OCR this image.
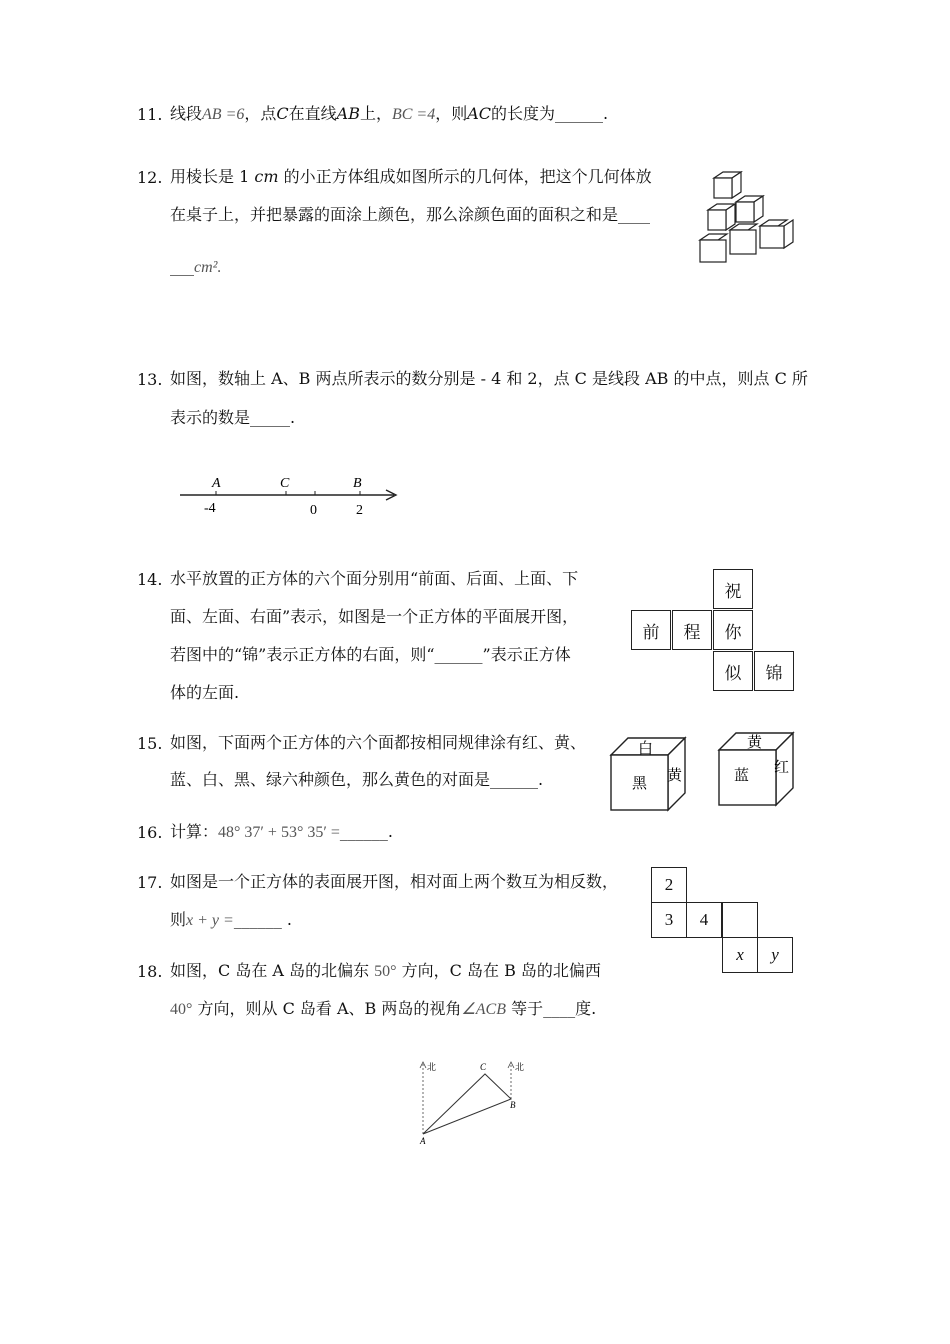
11. 线段AB =6，点C在直线AB上，BC =4，则AC的长度为______.
12. 用棱长是 1 cm 的小正方体组成如图所示的几何体，把这个几何体放
在桌子上，并把暴露的面涂上颜色，那么涂颜色面的面积之和是____
___cm².
13. 如图，数轴上 A、B 两点所表示的数分别是 - 4 和 2，点 C 是线段 AB 的中点，则点 C 所
表示的数是_____.
A	C	B
-4	0	2
14. 水平放置的正方体的六个面分别用“前面、后面、上面、下
面、左面、右面”表示，如图是一个正方体的平面展开图，
若图中的“锦”表示正方体的右面，则“______”表示正方体
体的左面.
祝
前	程	你
似	锦
15. 如图，下面两个正方体的六个面都按相同规律涂有红、黄、
蓝、白、黑、绿六种颜色，那么黄色的对面是______.
白
黑 黄
黄
蓝 红
16. 计算：48° 37′ + 53° 35′ =______.
17. 如图是一个正方体的表面展开图，相对面上两个数互为相反数，
则x + y =______ .
2
3	4
x	y
18. 如图，C 岛在 A 岛的北偏东 50° 方向，C 岛在 B 岛的北偏西
40° 方向，则从 C 岛看 A、B 两岛的视角∠ACB 等于____度.
北	北
A
B
C
